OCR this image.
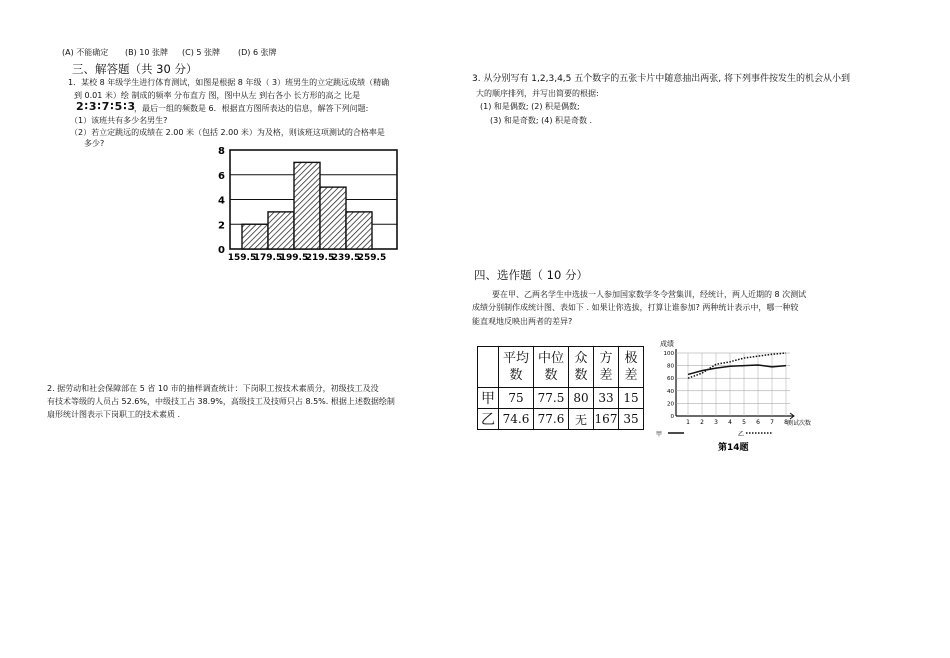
(A) 不能确定 (B) 10 张牌 (C) 5 张牌 (D) 6 张牌
三、解答题（共 30 分）
1．某校 8 年级学生进行体育测试，如图是根据 8 年级（ 3）班男生的立定跳远成绩（精确
到 0.01 米）绘 制成的频率 分布直方 图，图中从左 到右各小 长方形的高之 比是
2∶3∶7∶5∶3
，最后一组的频数是 6．根据直方图所表达的信息，解答下列问题:
（1）该班共有多少名男生?
（2）若立定跳远的成绩在 2.00 米（包括 2.00 米）为及格，则该班这项测试的合格率是
多少?
0
2
4
6
8
159.5
179.5
199.5
219.5
239.5
259.5
2. 据劳动和社会保障部在 5 省 10 市的抽样调查统计：下岗职工按技术素质分，初级技工及没
有技术等级的人员占 52.6%，中级技工占 38.9%，高级技工及技师只占 8.5%. 根据上述数据绘制
扇形统计图表示下岗职工的技术素质 .
3. 从分别写有 1,2,3,4,5 五个数字的五张卡片中随意抽出两张, 将下列事件按发生的机会从小到
大的顺序排列，并写出简要的根据:
(1) 和是偶数; (2) 积是偶数;
(3) 和是奇数; (4) 积是奇数 .
四、选作题（ 10 分）
要在甲、乙两名学生中选拔一人参加国家数学冬令营集训，经统计，两人近期的 8 次测试
成绩分别制作成统计图、表如下 . 如果让你选拔，打算让谁参加? 两种统计表示中，哪一种较
能直观地反映出两者的差异?
	平均数	中位数	众数	方差	极差
甲	75	77.5	80	33	15
乙	74.6	77.6	无	167	35
100
80
60
40
20
0
1 2 3 4 5 6 7 8
成绩
测试次数
甲	乙
第14题
